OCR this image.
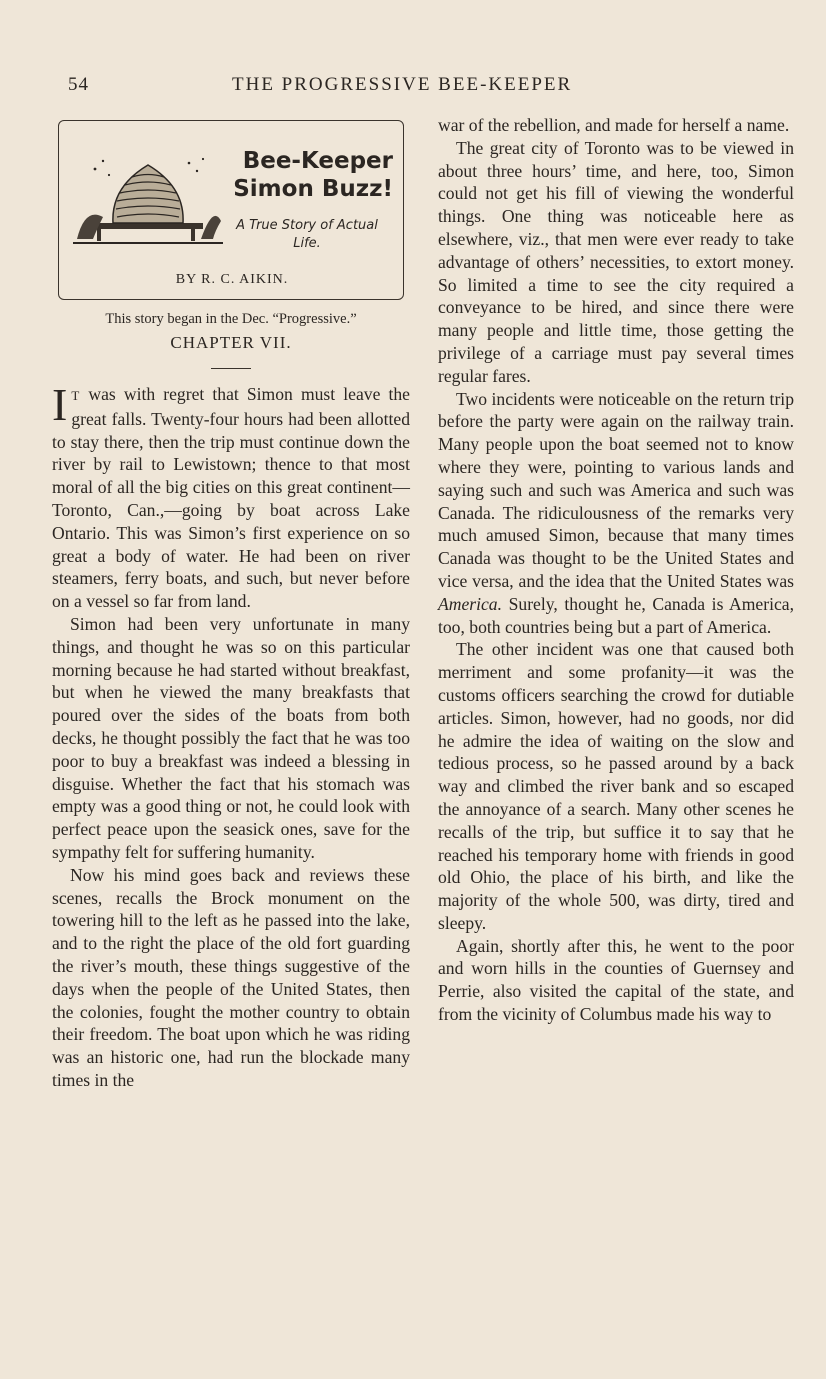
54	THE PROGRESSIVE BEE-KEEPER
Bee-Keeper
Simon Buzz!
A True Story of Actual
Life.
BY R. C. AIKIN.
This story began in the Dec. “Progressive.”
CHAPTER VII.

I T was with regret that Simon must leave the great falls. Twenty-four hours had been allotted to stay there, then the trip must continue down the river by rail to Lewistown; thence to that most moral of all the big cities on this great continent—Toronto, Can.,—going by boat across Lake Ontario. This was Simon’s first experience on so great a body of water. He had been on river steamers, ferry boats, and such, but never before on a vessel so far from land.

Simon had been very unfortunate in many things, and thought he was so on this particular morning because he had started without breakfast, but when he viewed the many breakfasts that poured over the sides of the boats from both decks, he thought possibly the fact that he was too poor to buy a breakfast was indeed a blessing in disguise. Whether the fact that his stomach was empty was a good thing or not, he could look with perfect peace upon the seasick ones, save for the sympathy felt for suffering humanity.

Now his mind goes back and reviews these scenes, recalls the Brock monument on the towering hill to the left as he passed into the lake, and to the right the place of the old fort guarding the river’s mouth, these things suggestive of the days when the people of the United States, then the colonies, fought the mother country to obtain their freedom. The boat upon which he was riding was an historic one, had run the blockade many times in the

war of the rebellion, and made for herself a name.

The great city of Toronto was to be viewed in about three hours’ time, and here, too, Simon could not get his fill of viewing the wonderful things. One thing was noticeable here as elsewhere, viz., that men were ever ready to take advantage of others’ necessities, to extort money. So limited a time to see the city required a conveyance to be hired, and since there were many people and little time, those getting the privilege of a carriage must pay several times regular fares.

Two incidents were noticeable on the return trip before the party were again on the railway train. Many people upon the boat seemed not to know where they were, pointing to various lands and saying such and such was America and such was Canada. The ridiculousness of the remarks very much amused Simon, because that many times Canada was thought to be the United States and vice versa, and the idea that the United States was America. Surely, thought he, Canada is America, too, both countries being but a part of America.

The other incident was one that caused both merriment and some profanity—it was the customs officers searching the crowd for dutiable articles. Simon, however, had no goods, nor did he admire the idea of waiting on the slow and tedious process, so he passed around by a back way and climbed the river bank and so escaped the annoyance of a search. Many other scenes he recalls of the trip, but suffice it to say that he reached his temporary home with friends in good old Ohio, the place of his birth, and like the majority of the whole 500, was dirty, tired and sleepy.

Again, shortly after this, he went to the poor and worn hills in the counties of Guernsey and Perrie, also visited the capital of the state, and from the vicinity of Columbus made his way to
